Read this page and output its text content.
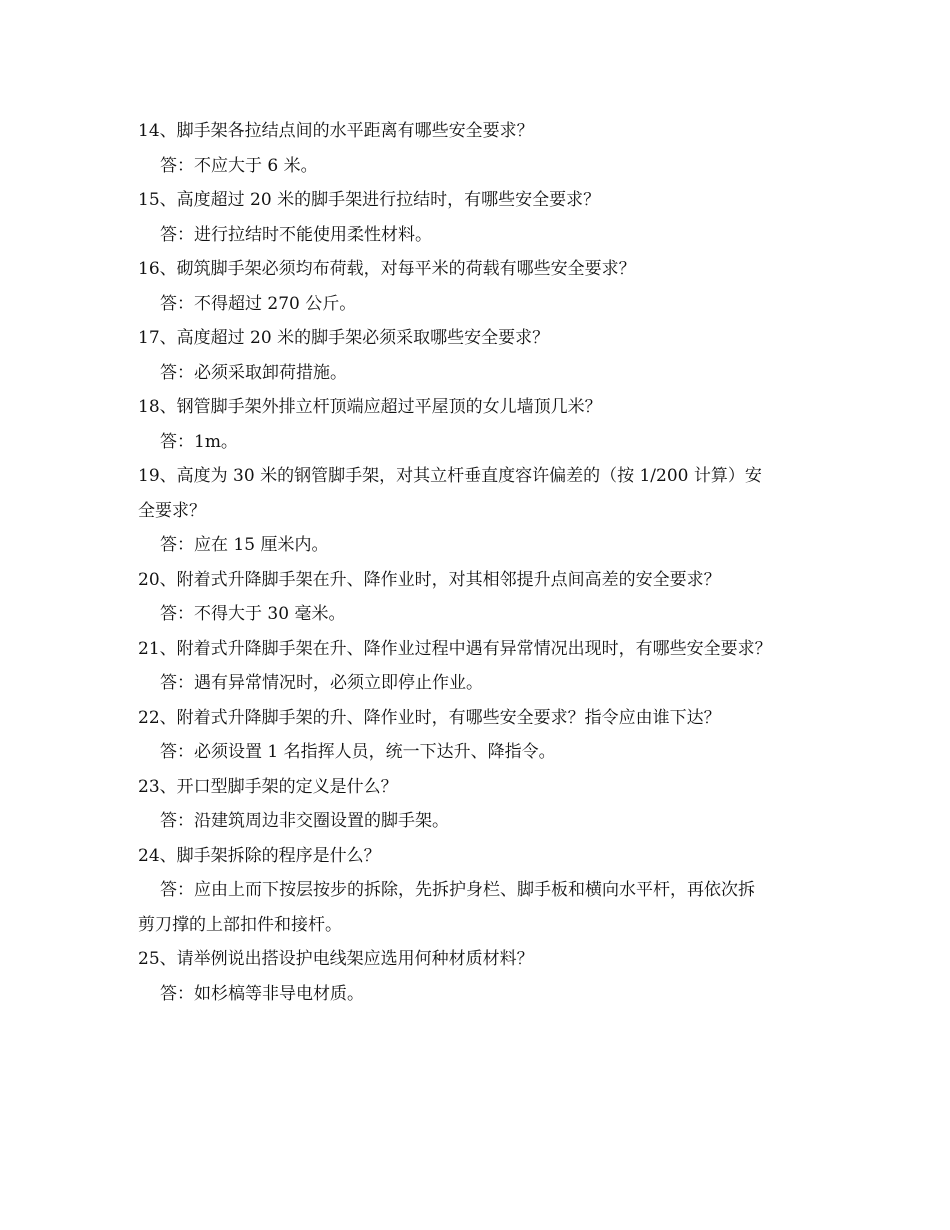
14、脚手架各拉结点间的水平距离有哪些安全要求？
答：不应大于 6 米。
15、高度超过 20 米的脚手架进行拉结时，有哪些安全要求？
答：进行拉结时不能使用柔性材料。
16、砌筑脚手架必须均布荷载，对每平米的荷载有哪些安全要求？
答：不得超过 270 公斤。
17、高度超过 20 米的脚手架必须采取哪些安全要求？
答：必须采取卸荷措施。
18、钢管脚手架外排立杆顶端应超过平屋顶的女儿墙顶几米？
答：1m。
19、高度为 30 米的钢管脚手架，对其立杆垂直度容许偏差的（按 1/200 计算）安
全要求？
答：应在 15 厘米内。
20、附着式升降脚手架在升、降作业时，对其相邻提升点间高差的安全要求？
答：不得大于 30 毫米。
21、附着式升降脚手架在升、降作业过程中遇有异常情况出现时，有哪些安全要求？
答：遇有异常情况时，必须立即停止作业。
22、附着式升降脚手架的升、降作业时，有哪些安全要求？指令应由谁下达？
答：必须设置 1 名指挥人员，统一下达升、降指令。
23、开口型脚手架的定义是什么？
答：沿建筑周边非交圈设置的脚手架。
24、脚手架拆除的程序是什么？
答：应由上而下按层按步的拆除，先拆护身栏、脚手板和横向水平杆，再依次拆
剪刀撑的上部扣件和接杆。
25、请举例说出搭设护电线架应选用何种材质材料？
答：如杉槁等非导电材质。
